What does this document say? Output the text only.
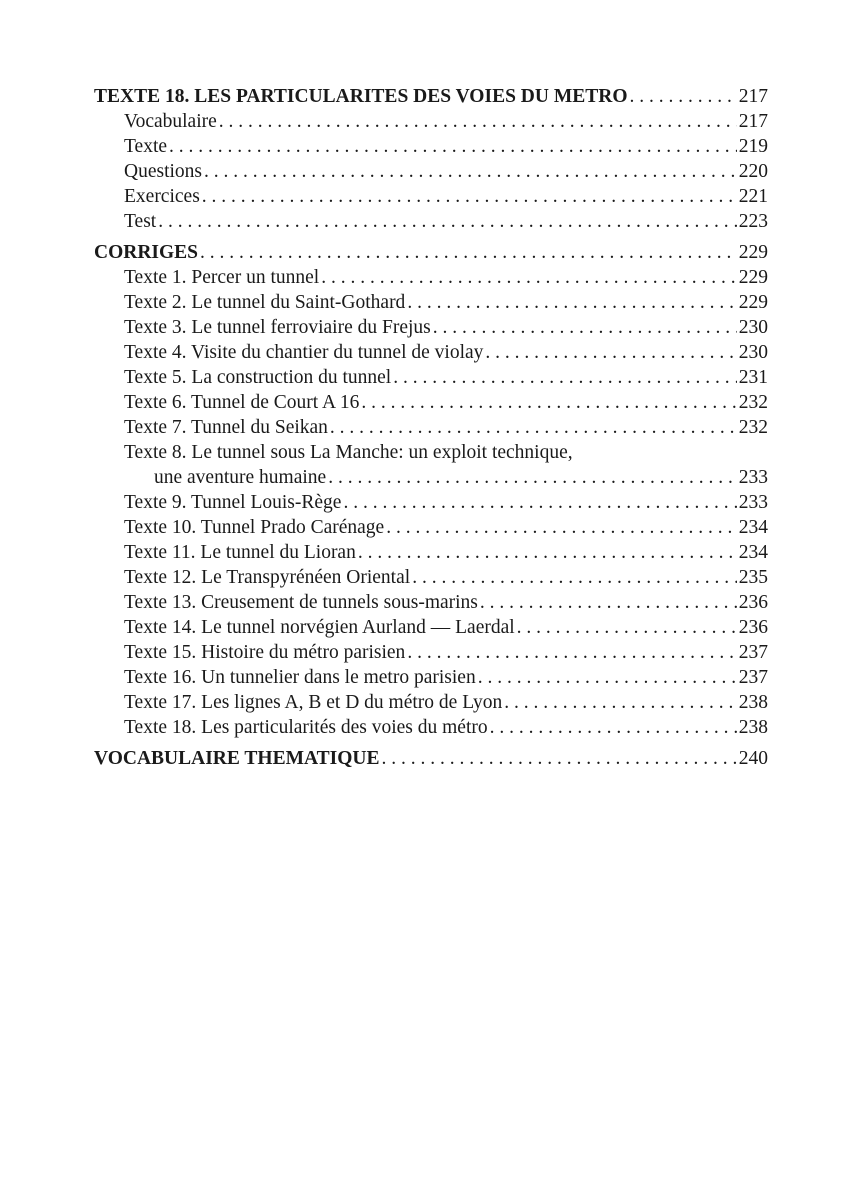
TEXTE 18. LES PARTICULARITES DES VOIES DU METRO . . .	217
Vocabulaire . . .	217
Texte . . .	219
Questions . . .	220
Exercices . . .	221
Test . . .	223
CORRIGES . . .	229
Texte 1. Percer un tunnel . . .	229
Texte 2. Le tunnel du Saint-Gothard . . .	229
Texte 3. Le tunnel ferroviaire du Frejus . . .	230
Texte 4. Visite du chantier du tunnel de violay . . .	230
Texte 5. La construction du tunnel . . .	231
Texte 6. Tunnel de Court A 16 . . .	232
Texte 7. Tunnel du Seikan . . .	232
Texte 8. Le tunnel sous La Manche: un exploit technique,
une aventure humaine . . .	233
Texte 9. Tunnel Louis-Rège . . .	233
Texte 10. Tunnel Prado Carénage . . .	234
Texte 11. Le tunnel du Lioran . . .	234
Texte 12. Le Transpyrénéen Oriental . . .	235
Texte 13. Creusement de tunnels sous-marins . . .	236
Texte 14. Le tunnel norvégien Aurland — Laerdal . . .	236
Texte 15. Histoire du métro parisien . . .	237
Texte 16. Un tunnelier dans le metro parisien . . .	237
Texte 17. Les lignes A, B et D du métro de Lyon . . .	238
Texte 18. Les particularités des voies du métro . . .	238
VOCABULAIRE THEMATIQUE . . .	240
